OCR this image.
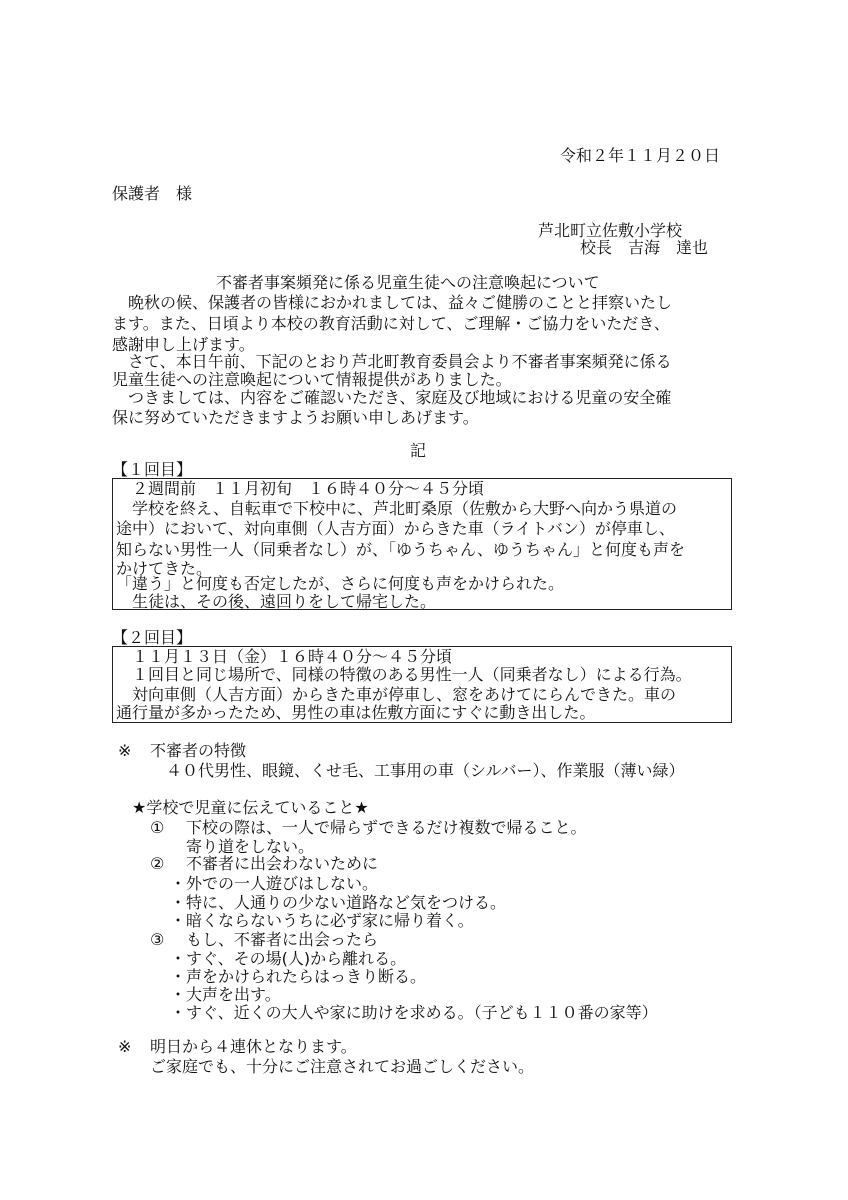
令和２年１１月２０日
保護者　様
芦北町立佐敷小学校
校長　吉海　達也
不審者事案頻発に係る児童生徒への注意喚起について
晩秋の候、保護者の皆様におかれましては、益々ご健勝のことと拝察いたし
ます。また、日頃より本校の教育活動に対して、ご理解・ご協力をいただき、
感謝申し上げます。
　さて、本日午前、下記のとおり芦北町教育委員会より不審者事案頻発に係る
児童生徒への注意喚起について情報提供がありました。
　つきましては、内容をご確認いただき、家庭及び地域における児童の安全確
保に努めていただきますようお願い申しあげます。
記
【１回目】
　２週間前　１１月初旬　１６時４０分～４５分頃
　学校を終え、自転車で下校中に、芦北町桑原（佐敷から大野へ向かう県道の
途中）において、対向車側（人吉方面）からきた車（ライトバン）が停車し、
知らない男性一人（同乗者なし）が、「ゆうちゃん、ゆうちゃん」と何度も声を
かけてきた。
「違う」と何度も否定したが、さらに何度も声をかけられた。
　生徒は、その後、遠回りをして帰宅した。
【２回目】
　１１月１３日（金）１６時４０分～４５分頃
　１回目と同じ場所で、同様の特徴のある男性一人（同乗者なし）による行為。
　対向車側（人吉方面）からきた車が停車し、窓をあけてにらんできた。車の
通行量が多かったため、男性の車は佐敷方面にすぐに動き出した。
※ 不審者の特徴
４０代男性、眼鏡、くせ毛、工事用の車（シルバー）、作業服（薄い緑）
★学校で児童に伝えていること★
① 下校の際は、一人で帰らずできるだけ複数で帰ること。
寄り道をしない。
② 不審者に出会わないために
・外での一人遊びはしない。
・特に、人通りの少ない道路など気をつける。
・暗くならないうちに必ず家に帰り着く。
③ もし、不審者に出会ったら
・すぐ、その場(人)から離れる。
・声をかけられたらはっきり断る。
・大声を出す。
・すぐ、近くの大人や家に助けを求める。（子ども１１０番の家等）
※ 明日から４連休となります。
ご家庭でも、十分にご注意されてお過ごしください。
